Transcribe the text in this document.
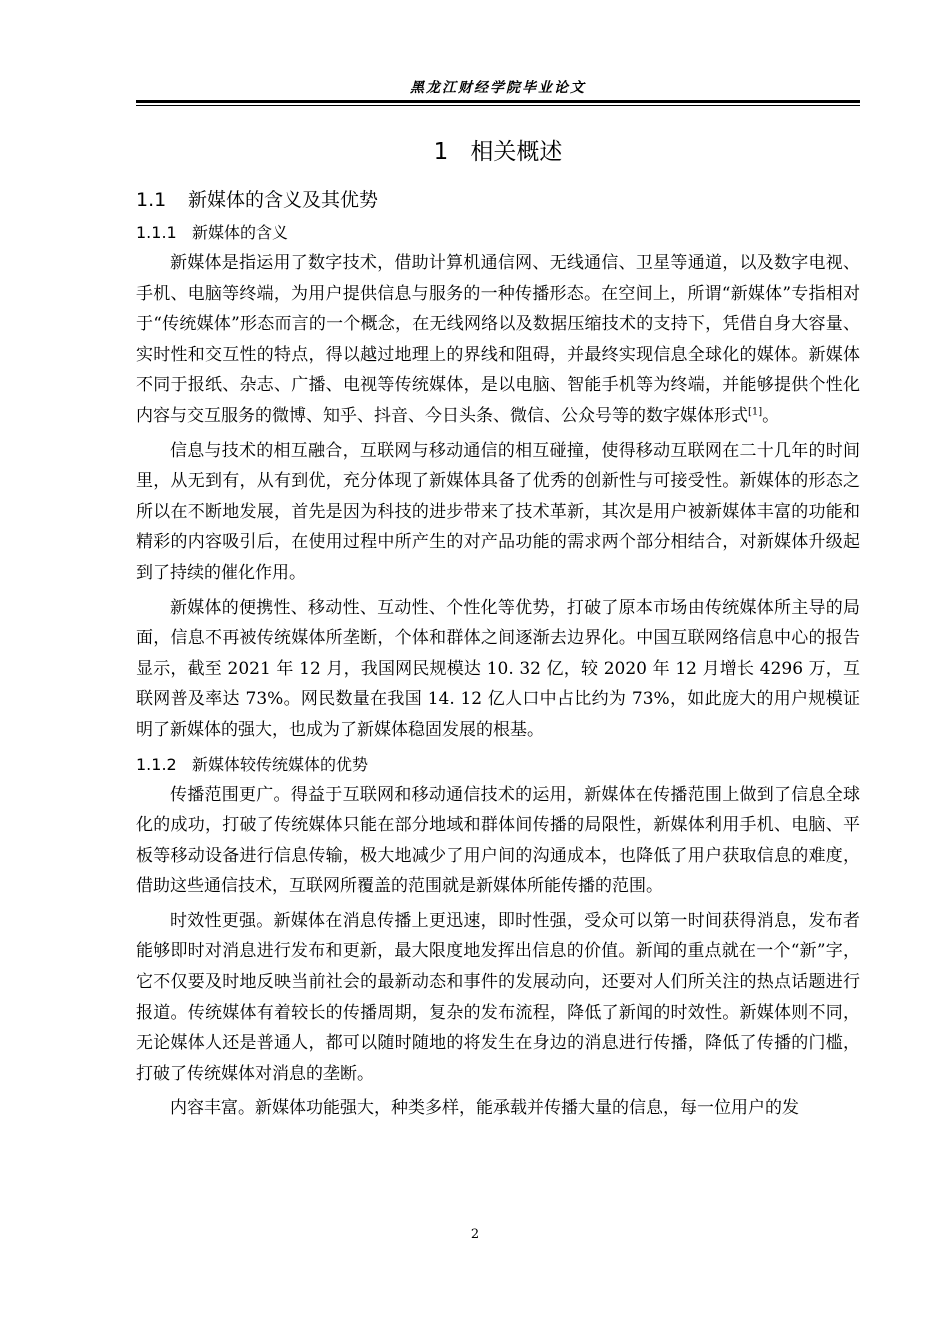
黑龙江财经学院毕业论文
1 相关概述
1.1 新媒体的含义及其优势
1.1.1 新媒体的含义

新媒体是指运用了数字技术，借助计算机通信网、无线通信、卫星等通道，以及数字电视、手机、电脑等终端，为用户提供信息与服务的一种传播形态。在空间上，所谓“新媒体”专指相对于“传统媒体”形态而言的一个概念，在无线网络以及数据压缩技术的支持下，凭借自身大容量、实时性和交互性的特点，得以越过地理上的界线和阻碍，并最终实现信息全球化的媒体。新媒体不同于报纸、杂志、广播、电视等传统媒体，是以电脑、智能手机等为终端，并能够提供个性化内容与交互服务的微博、知乎、抖音、今日头条、微信、公众号等的数字媒体形式[1]。

信息与技术的相互融合，互联网与移动通信的相互碰撞，使得移动互联网在二十几年的时间里，从无到有，从有到优，充分体现了新媒体具备了优秀的创新性与可接受性。新媒体的形态之所以在不断地发展，首先是因为科技的进步带来了技术革新，其次是用户被新媒体丰富的功能和精彩的内容吸引后，在使用过程中所产生的对产品功能的需求两个部分相结合，对新媒体升级起到了持续的催化作用。

新媒体的便携性、移动性、互动性、个性化等优势，打破了原本市场由传统媒体所主导的局面，信息不再被传统媒体所垄断，个体和群体之间逐渐去边界化。中国互联网络信息中心的报告显示，截至 2021 年 12 月，我国网民规模达 10. 32 亿，较 2020 年 12 月增长 4296 万，互联网普及率达 73%。网民数量在我国 14. 12 亿人口中占比约为 73%，如此庞大的用户规模证明了新媒体的强大，也成为了新媒体稳固发展的根基。

1.1.2 新媒体较传统媒体的优势

传播范围更广。得益于互联网和移动通信技术的运用，新媒体在传播范围上做到了信息全球化的成功，打破了传统媒体只能在部分地域和群体间传播的局限性，新媒体利用手机、电脑、平板等移动设备进行信息传输，极大地减少了用户间的沟通成本，也降低了用户获取信息的难度，借助这些通信技术，互联网所覆盖的范围就是新媒体所能传播的范围。

时效性更强。新媒体在消息传播上更迅速，即时性强，受众可以第一时间获得消息，发布者能够即时对消息进行发布和更新，最大限度地发挥出信息的价值。新闻的重点就在一个“新”字，它不仅要及时地反映当前社会的最新动态和事件的发展动向，还要对人们所关注的热点话题进行报道。传统媒体有着较长的传播周期，复杂的发布流程，降低了新闻的时效性。新媒体则不同，无论媒体人还是普通人，都可以随时随地的将发生在身边的消息进行传播，降低了传播的门槛，打破了传统媒体对消息的垄断。

内容丰富。新媒体功能强大，种类多样，能承载并传播大量的信息，每一位用户的发

2
